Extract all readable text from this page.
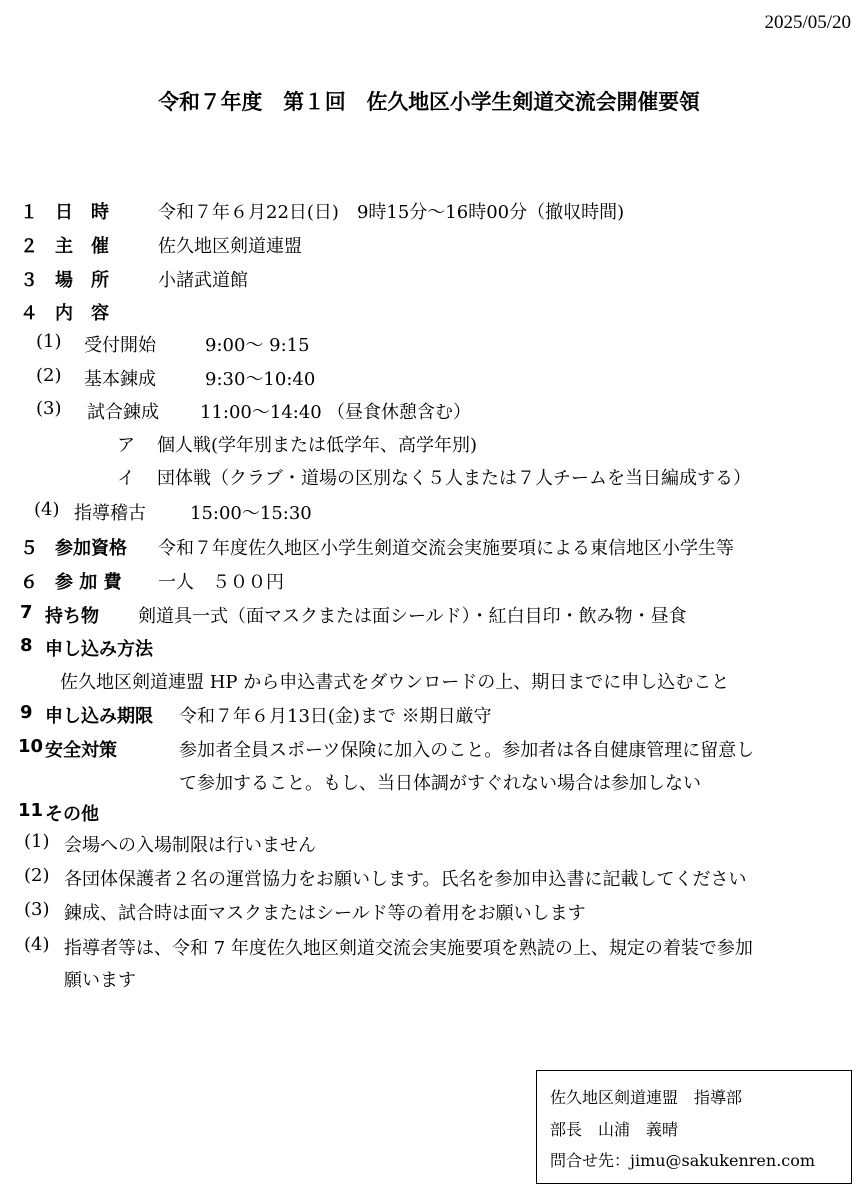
2025/05/20
令和７年度　第１回　佐久地区小学生剣道交流会開催要領
１ 日　時	令和７年６月22日(日)　9時15分～16時00分（撤収時間)
２ 主　催	佐久地区剣道連盟
３ 場　所	小諸武道館
４ 内　容
(1) 受付開始	9:00～ 9:15
(2) 基本錬成	9:30～10:40
(3) 試合錬成 11:00～14:40 （昼食休憩含む）
ア 個人戦(学年別または低学年、高学年別)
イ 団体戦（クラブ・道場の区別なく５人または７人チームを当日編成する）
(4) 指導稽古 15:00～15:30
５ 参加資格 令和７年度佐久地区小学生剣道交流会実施要項による東信地区小学生等
６ 参 加 費 一人　５００円
7 持ち物 剣道具一式（面マスクまたは面シールド）・紅白目印・飲み物・昼食
8 申し込み方法
佐久地区剣道連盟 HP から申込書式をダウンロードの上、期日までに申し込むこと
9 申し込み期限 令和７年６月13日(金)まで ※期日厳守
10 安全対策	参加者全員スポーツ保険に加入のこと。参加者は各自健康管理に留意し
て参加すること。もし、当日体調がすぐれない場合は参加しない
11 その他
(1) 会場への入場制限は行いません
(2) 各団体保護者２名の運営協力をお願いします。氏名を参加申込書に記載してください
(3) 錬成、試合時は面マスクまたはシールド等の着用をお願いします
(4) 指導者等は、令和 7 年度佐久地区剣道交流会実施要項を熟読の上、規定の着装で参加
願います
佐久地区剣道連盟　指導部
部長　山浦　義晴
問合せ先：jimu@sakukenren.com
